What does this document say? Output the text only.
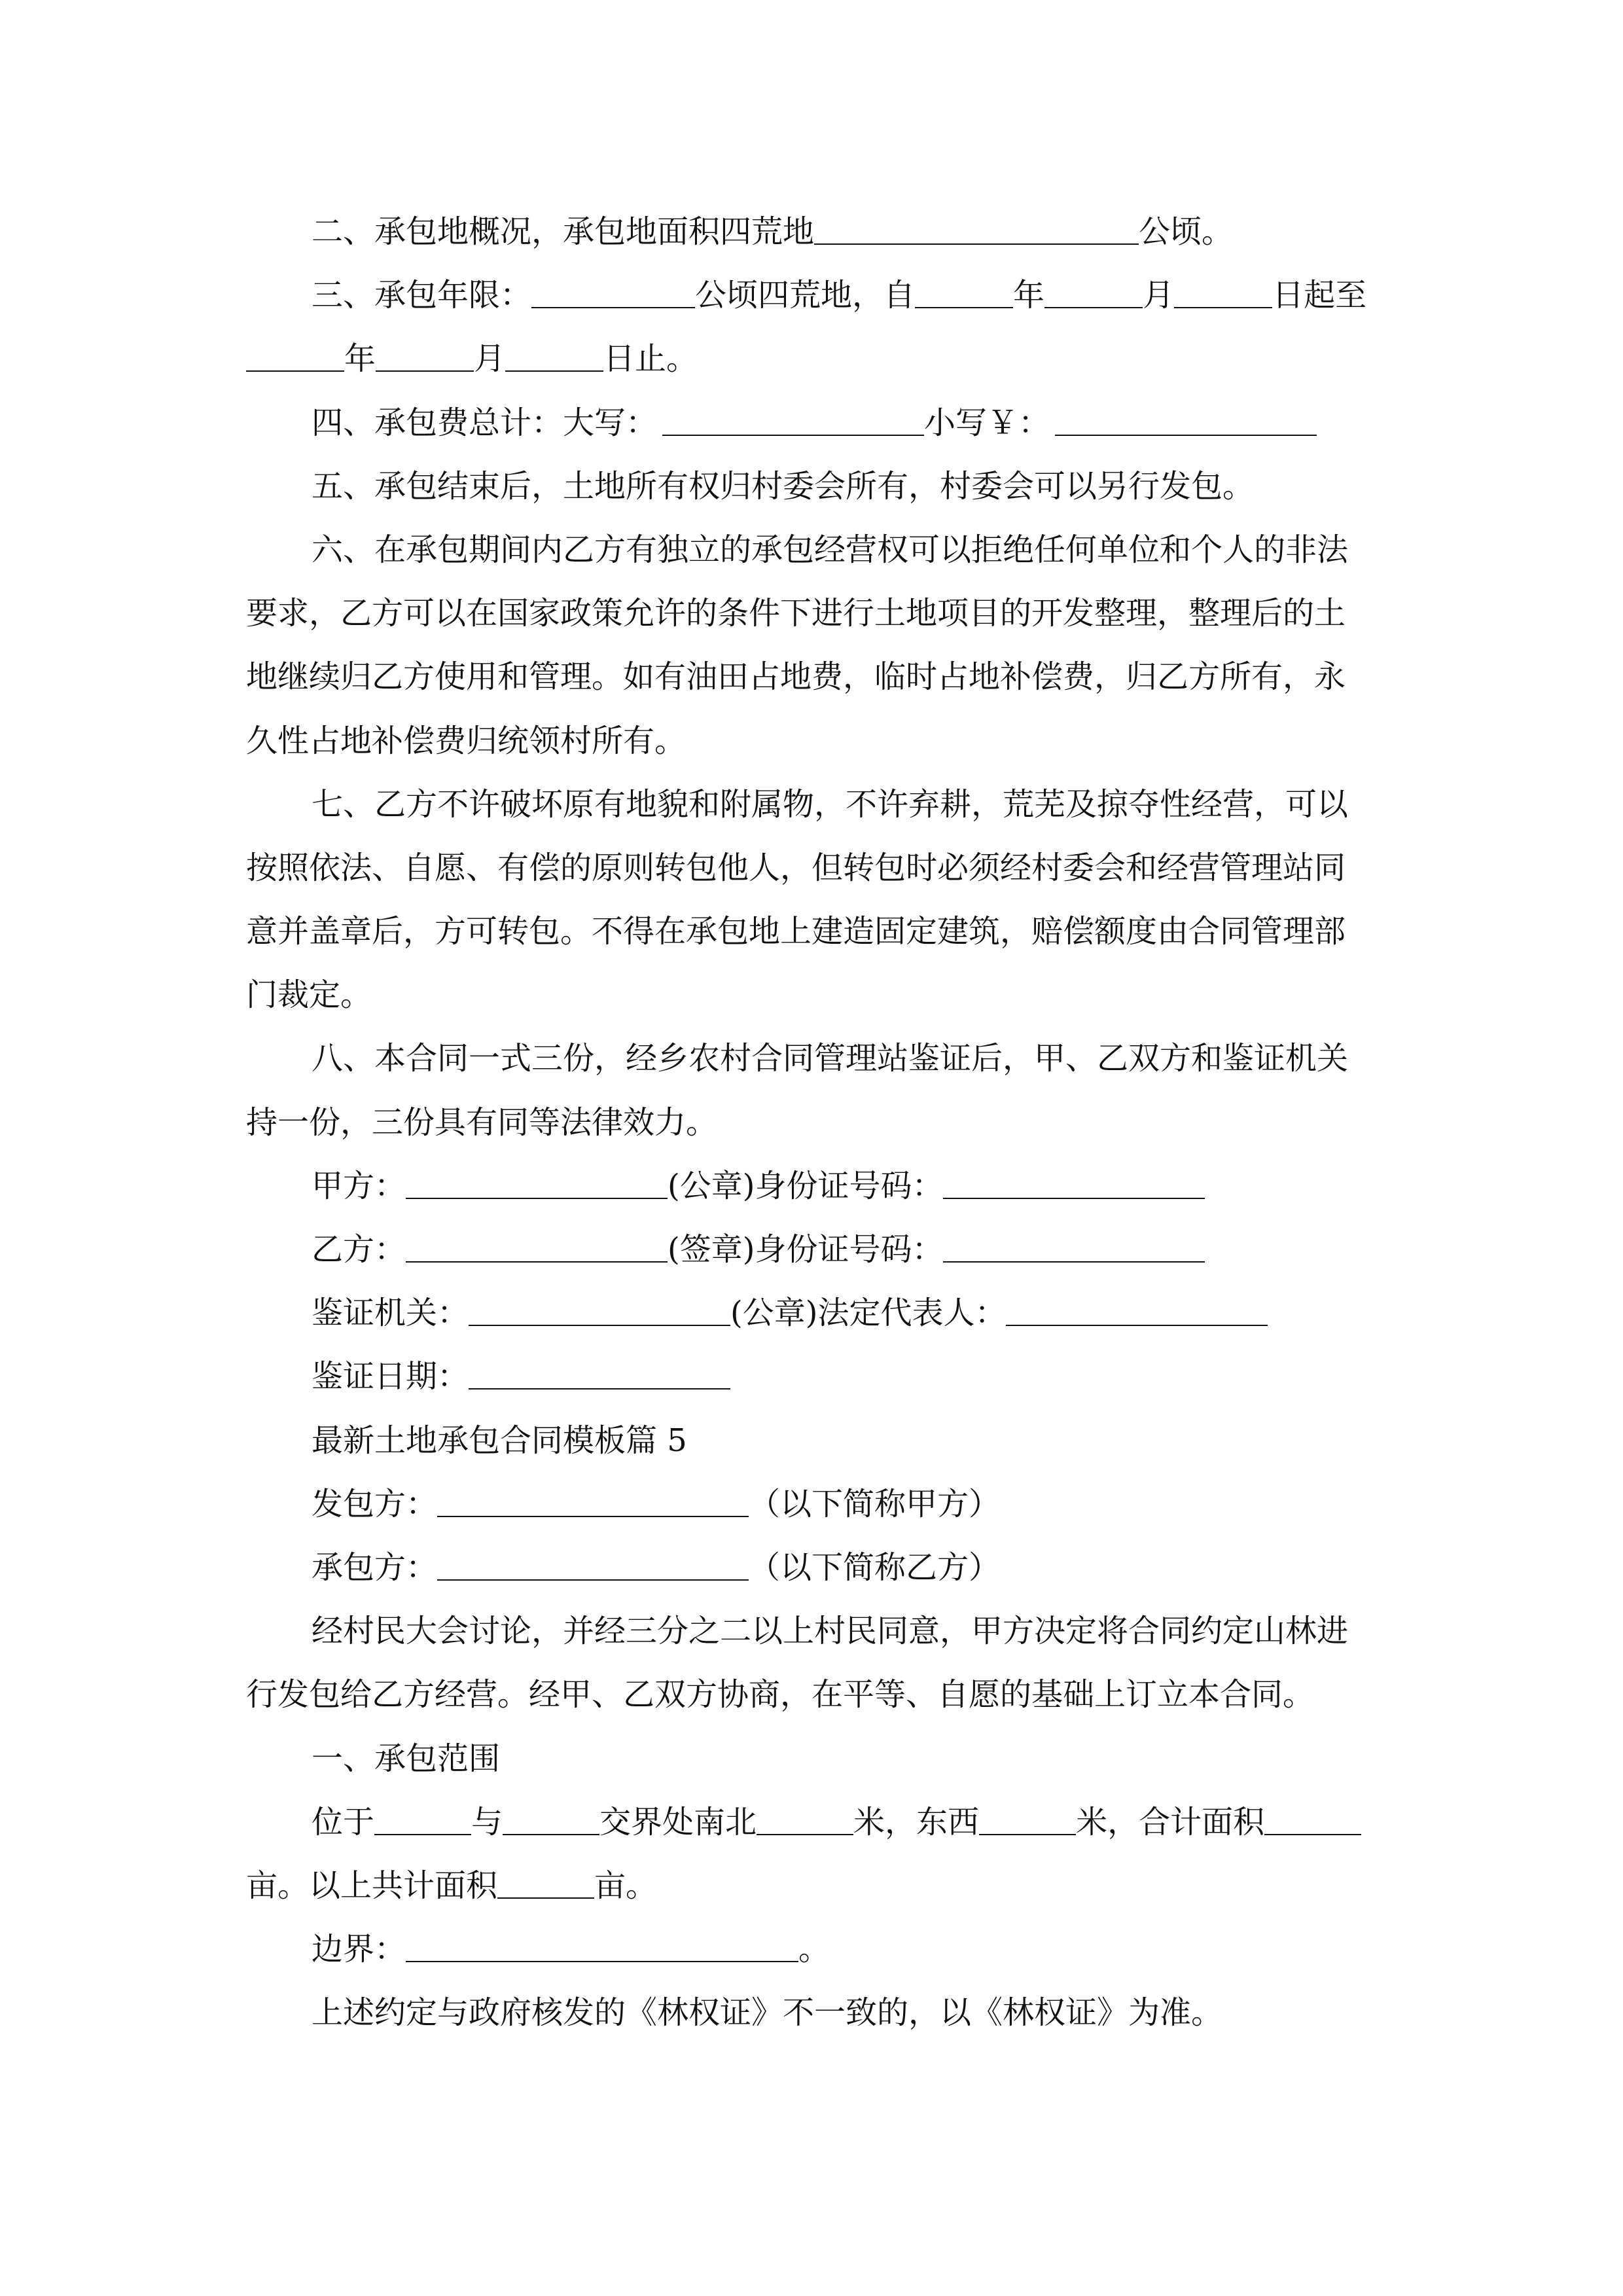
二、承包地概况，承包地面积四荒地	公顷。
三、承包年限：	公顷四荒地，自	年	月	日起至
年	月	日止。
四、承包费总计：大写：	小写￥：
五、承包结束后，土地所有权归村委会所有，村委会可以另行发包。
六、在承包期间内乙方有独立的承包经营权可以拒绝任何单位和个人的非法
要求，乙方可以在国家政策允许的条件下进行土地项目的开发整理，整理后的土
地继续归乙方使用和管理。如有油田占地费，临时占地补偿费，归乙方所有，永
久性占地补偿费归统领村所有。
七、乙方不许破坏原有地貌和附属物，不许弃耕，荒芜及掠夺性经营，可以
按照依法、自愿、有偿的原则转包他人，但转包时必须经村委会和经营管理站同
意并盖章后，方可转包。不得在承包地上建造固定建筑，赔偿额度由合同管理部
门裁定。
八、本合同一式三份，经乡农村合同管理站鉴证后，甲、乙双方和鉴证机关
持一份，三份具有同等法律效力。
甲方：	(公章)身份证号码：
乙方：	(签章)身份证号码：
鉴证机关：	(公章)法定代表人：
鉴证日期：
最新土地承包合同模板篇 5
发包方：	（以下简称甲方）
承包方：	（以下简称乙方）
经村民大会讨论，并经三分之二以上村民同意，甲方决定将合同约定山林进
行发包给乙方经营。经甲、乙双方协商，在平等、自愿的基础上订立本合同。
一、承包范围
位于	与	交界处南北	米，东西	米，合计面积
亩。以上共计面积	亩。
边界：	。
上述约定与政府核发的《林权证》不一致的，以《林权证》为准。
